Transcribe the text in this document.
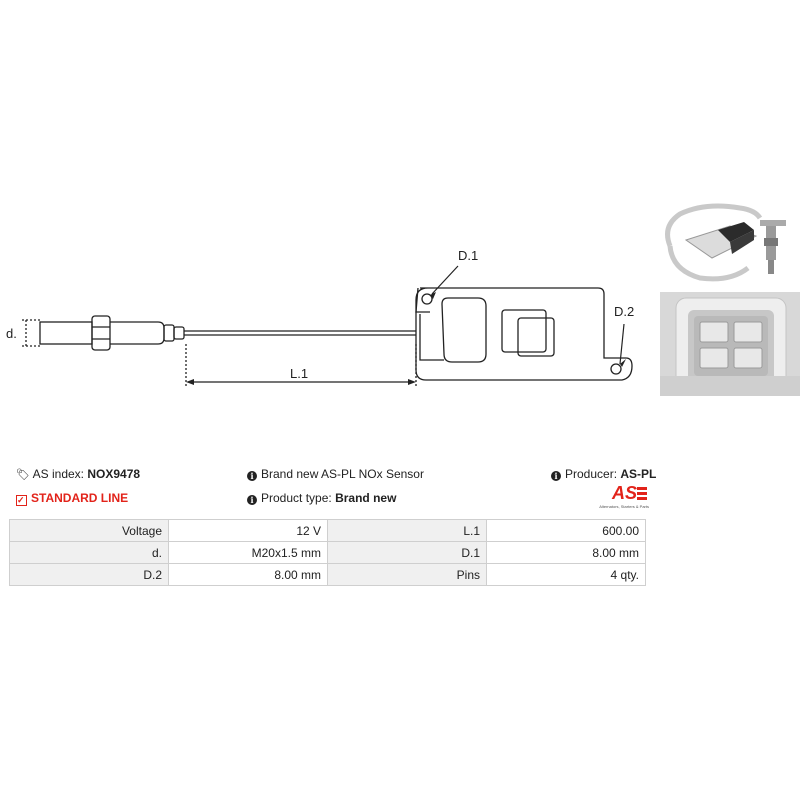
d.
D.1
D.2
L.1
🏷 AS index: NOX9478	i Brand new AS-PL NOx Sensor	i Producer: AS-PL
✓ STANDARD LINE	i Product type: Brand new	AS
Alternators, Starters & Parts
Voltage	12 V	L.1	600.00
d.	M20x1.5 mm	D.1	8.00 mm
D.2	8.00 mm	Pins	4 qty.
